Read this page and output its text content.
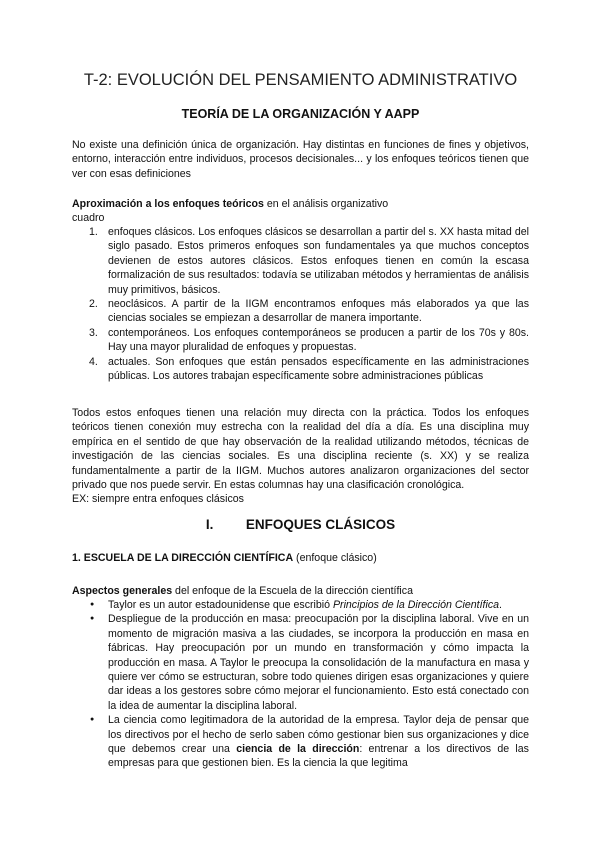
T-2: EVOLUCIÓN DEL PENSAMIENTO ADMINISTRATIVO
TEORÍA DE LA ORGANIZACIÓN Y AAPP
No existe una definición única de organización. Hay distintas en funciones de fines y objetivos, entorno, interacción entre individuos, procesos decisionales... y los enfoques teóricos tienen que ver con esas definiciones
Aproximación a los enfoques teóricos en el análisis organizativo
cuadro
1. enfoques clásicos. Los enfoques clásicos se desarrollan a partir del s. XX hasta mitad del siglo pasado. Estos primeros enfoques son fundamentales ya que muchos conceptos devienen de estos autores clásicos. Estos enfoques tienen en común la escasa formalización de sus resultados: todavía se utilizaban métodos y herramientas de análisis muy primitivos, básicos.
2. neoclásicos. A partir de la IIGM encontramos enfoques más elaborados ya que las ciencias sociales se empiezan a desarrollar de manera importante.
3. contemporáneos. Los enfoques contemporáneos se producen a partir de los 70s y 80s. Hay una mayor pluralidad de enfoques y propuestas.
4. actuales. Son enfoques que están pensados específicamente en las administraciones públicas. Los autores trabajan específicamente sobre administraciones públicas
Todos estos enfoques tienen una relación muy directa con la práctica. Todos los enfoques teóricos tienen conexión muy estrecha con la realidad del día a día. Es una disciplina muy empírica en el sentido de que hay observación de la realidad utilizando métodos, técnicas de investigación de las ciencias sociales. Es una disciplina reciente (s. XX) y se realiza fundamentalmente a partir de la IIGM. Muchos autores analizaron organizaciones del sector privado que nos puede servir. En estas columnas hay una clasificación cronológica.
EX: siempre entra enfoques clásicos
I. ENFOQUES CLÁSICOS
1. ESCUELA DE LA DIRECCIÓN CIENTÍFICA (enfoque clásico)
Aspectos generales del enfoque de la Escuela de la dirección científica
● Taylor es un autor estadounidense que escribió Principios de la Dirección Científica.
● Despliegue de la producción en masa: preocupación por la disciplina laboral. Vive en un momento de migración masiva a las ciudades, se incorpora la producción en masa en fábricas. Hay preocupación por un mundo en transformación y cómo impacta la producción en masa. A Taylor le preocupa la consolidación de la manufactura en masa y quiere ver cómo se estructuran, sobre todo quienes dirigen esas organizaciones y quiere dar ideas a los gestores sobre cómo mejorar el funcionamiento. Esto está conectado con la idea de aumentar la disciplina laboral.
● La ciencia como legitimadora de la autoridad de la empresa. Taylor deja de pensar que los directivos por el hecho de serlo saben cómo gestionar bien sus organizaciones y dice que debemos crear una ciencia de la dirección: entrenar a los directivos de las empresas para que gestionen bien. Es la ciencia la que legitima
